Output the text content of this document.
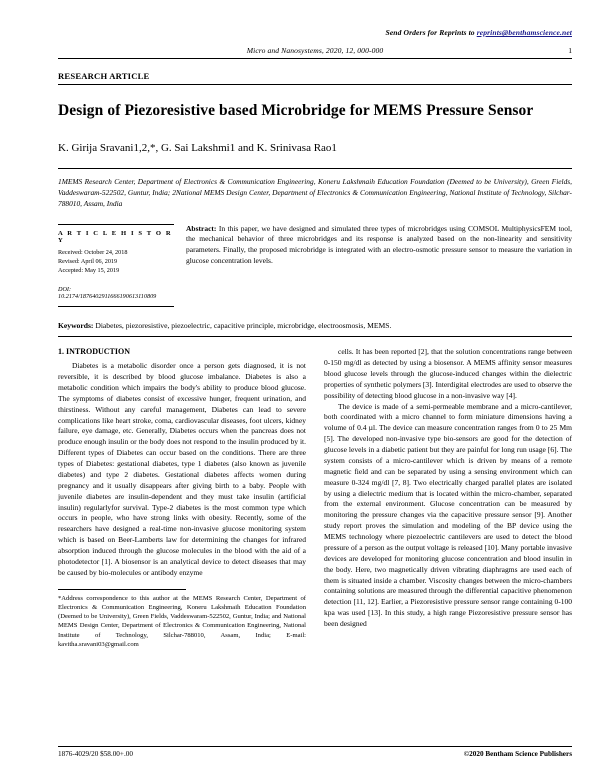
Send Orders for Reprints to reprints@benthamscience.net
Micro and Nanosystems, 2020, 12, 000-000	1
RESEARCH ARTICLE
Design of Piezoresistive based Microbridge for MEMS Pressure Sensor
K. Girija Sravani1,2,*, G. Sai Lakshmi1 and K. Srinivasa Rao1
1MEMS Research Center, Department of Electronics & Communication Engineering, Koneru Lakshmaih Education Foundation (Deemed to be University), Green Fields, Vaddeswaram-522502, Guntur, India; 2National MEMS Design Center, Department of Electronics & Communication Engineering, National Institute of Technology, Silchar-788010, Assam, India
A R T I C L E H I S T O R Y
Received: October 24, 2018
Revised: April 06, 2019
Accepted: May 15, 2019
DOI:
10.2174/1876402911666190613110809
Abstract: In this paper, we have designed and simulated three types of microbridges using COMSOL MultiphysicsFEM tool, the mechanical behavior of three microbridges and its response is analyzed based on the non-linearity and sensitivity parameters. Finally, the proposed microbridge is integrated with an electro-osmotic pressure sensor to measure the variation in glucose concentration levels.
Keywords: Diabetes, piezoresistive, piezoelectric, capacitive principle, microbridge, electroosmosis, MEMS.
1. INTRODUCTION

Diabetes is a metabolic disorder once a person gets diagnosed, it is not reversible, it is described by blood glucose imbalance. Diabetes is also a metabolic condition which impairs the body's ability to produce blood glucose. The symptoms of diabetes consist of excessive hunger, frequent urination, and thirstiness. Without any careful management, Diabetes can lead to severe complications like heart stroke, coma, cardiovascular diseases, foot ulcers, kidney failure, eye damage, etc. Generally, Diabetes occurs when the pancreas does not produce enough insulin or the body does not respond to the insulin produced by it. Different types of Diabetes can occur based on the conditions. There are three types of Diabetes: gestational diabetes, type 1 diabetes (also known as juvenile diabetes) and type 2 diabetes. Gestational diabetes affects women during pregnancy and it usually disappears after giving birth to a baby. People with juvenile diabetes are insulin-dependent and they must take insulin (artificial insulin) regularlyfor survival. Type-2 diabetes is the most common type which occurs in people, who have strong links with obesity. Recently, some of the researchers have designed a real-time non-invasive glucose monitoring system which is based on Beer-Lamberts law for determining the changes for infrared absorption induced through the glucose molecules in the blood with the aid of a photodetector [1]. A biosensor is an analytical device to detect diseases that may be caused by bio-molecules or antibody enzyme

*Address correspondence to this author at the MEMS Research Center, Department of Electronics & Communication Engineering, Koneru Lakshmaih Education Foundation (Deemed to be University), Green Fields, Vaddeswaram-522502, Guntur, India; and National MEMS Design Center, Department of Electronics & Communication Engineering, National Institute of Technology, Silchar-788010, Assam, India; E-mail: kavitha.sravani03@gmail.com

cells. It has been reported [2], that the solution concentrations range between 0-150 mg/dl as detected by using a biosensor. A MEMS affinity sensor measures blood glucose levels through the glucose-induced changes within the dielectric properties of synthetic polymers [3]. Interdigital electrodes are used to observe the possibility of detecting blood glucose in a non-invasive way [4].

The device is made of a semi-permeable membrane and a micro-cantilever, both coordinated with a micro channel to form miniature dimensions having a volume of 0.4 µl. The device can measure concentration ranges from 0 to 25 Mm [5]. The developed non-invasive type bio-sensors are good for the detection of glucose levels in a diabetic patient but they are painful for long run usage [6]. The system consists of a micro-cantilever which is driven by means of a remote magnetic field and can be separated by using a sensing environment which can measure 0-324 mg/dl [7, 8]. Two electrically charged parallel plates are isolated by using a dielectric medium that is located within the micro-chamber, separated from the external environment. Glucose concentration can be measured by monitoring the pressure changes via the capacitive pressure sensor [9]. Another study report proves the simulation and modeling of the BP device using the MEMS technology where piezoelectric cantilevers are used to detect the blood pressure of a person as the output voltage is released [10]. Many portable invasive devices are developed for monitoring glucose concentration and blood insulin in the body. Here, two magnetically driven vibrating diaphragms are used each of them is situated inside a chamber. Viscosity changes between the micro-chambers containing solutions are measured through the differential capacitive phenomenon detection [11, 12]. Earlier, a Piezoresistive pressure sensor range containing 0-100 kpa was used [13]. In this study, a high range Piezoresistive pressure sensor has been designed

1876-4029/20 $58.00+.00	©2020 Bentham Science Publishers
